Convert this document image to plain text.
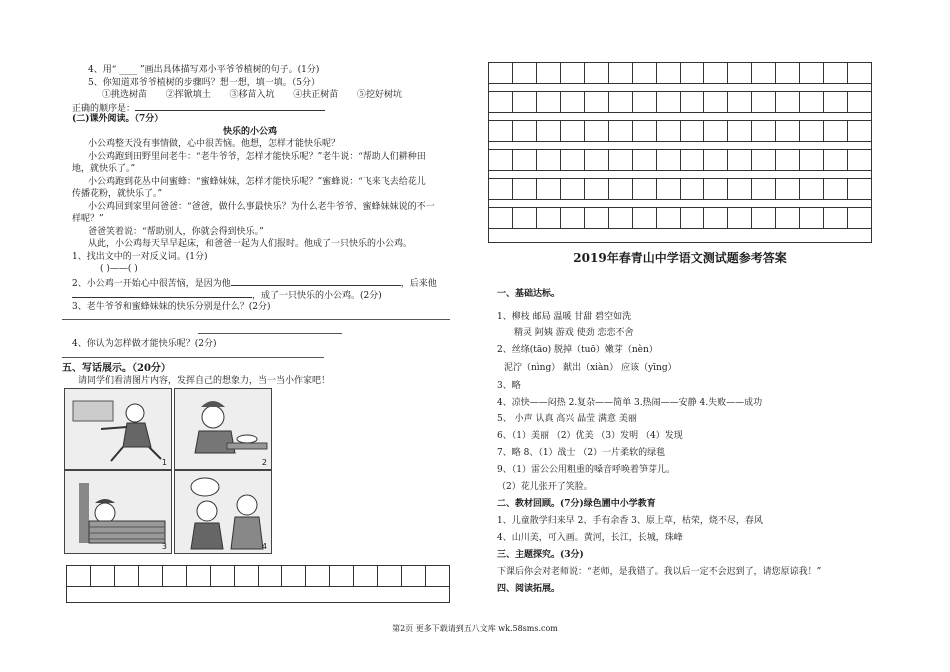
4、用“ ____ ”画出具体描写邓小平爷爷植树的句子。(1分)
5、你知道邓爷爷植树的步骤吗？想一想，填一填。（5分）
①挑选树苗 ②挥锨填土 ③移苗入坑 ④扶正树苗 ⑤挖好树坑
正确的顺序是：
(二)课外阅读。（7分）
快乐的小公鸡
小公鸡整天没有事情做，心中很苦恼。他想，怎样才能快乐呢？
小公鸡跑到田野里问老牛：“老牛爷爷，怎样才能快乐呢？”老牛说：“帮助人们耕种田
地，就快乐了。”
小公鸡跑到花丛中问蜜蜂：“蜜蜂妹妹，怎样才能快乐呢？”蜜蜂说：“飞来飞去给花儿
传播花粉，就快乐了。”
小公鸡回到家里问爸爸：“爸爸，做什么事最快乐？为什么老牛爷爷、蜜蜂妹妹说的不一
样呢？”
爸爸笑着说：“帮助别人，你就会得到快乐。”
从此，小公鸡每天早早起床，和爸爸一起为人们报时。他成了一只快乐的小公鸡。
1、找出文中的一对反义词。(1分)
( )——( )
2、小公鸡一开始心中很苦恼，是因为他	，后来他
，成了一只快乐的小公鸡。(2分)
3、老牛爷爷和蜜蜂妹妹的快乐分别是什么？(2分)
4、你认为怎样做才能快乐呢？(2分)
五、写话展示。（20分）
请同学们看清图片内容，发挥自己的想象力，当一当小作家吧！
1	2
3	4

2019年春青山中学语文测试题参考答案
一、基础达标。
1、柳枝 邮局 温暖 甘甜 碧空如洗
精灵 阿姨 游戏 使劲 恋恋不舍
2、丝绦(tāo) 脱掉（tuō）嫩芽（nèn）
泥泞（nìng） 献出（xiàn） 应该（yīng）
3、略
4、凉快——闷热 2.复杂——简单 3.热闹——安静 4.失败——成功
5、 小声 认真 高兴 晶莹 满意 美丽
6、（1）美丽 （2）优美 （3）发明 （4）发现
7、略 8、（1）战士 （2）一片柔软的绿毯
9、（1）雷公公用粗重的嗓音呼唤着笋芽儿。
（2）花儿张开了笑脸。
二、教材回顾。(7分)绿色圃中小学教育
1、儿童散学归来早 2、手有余香 3、原上草，枯荣，烧不尽，春风
4、山川美，可入画。黄河，长江，长城，珠峰
三、主题探究。(3分)
下课后你会对老师说：“老师，是我错了。我以后一定不会迟到了，请您原谅我！”
四、阅读拓展。
第2页 更多下载请到五八文库 wk.58sms.com
